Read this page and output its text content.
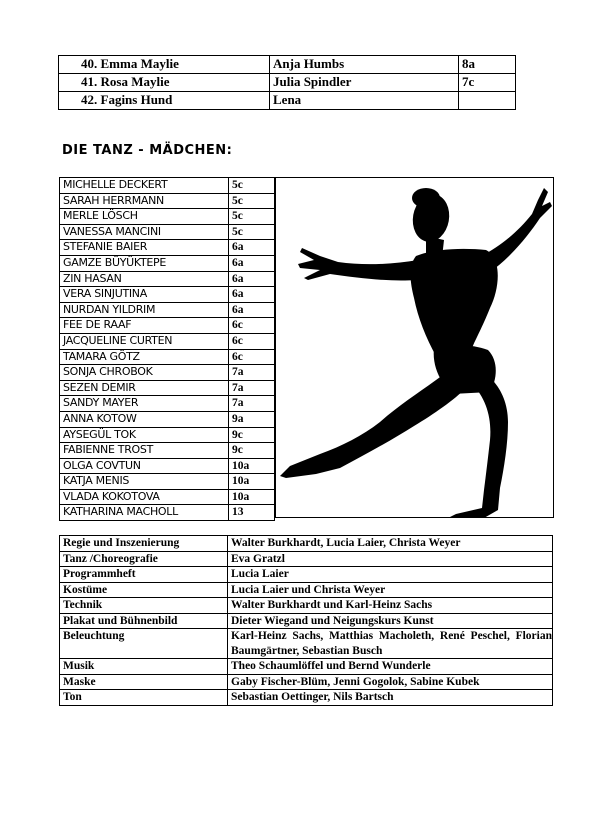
40. Emma Maylie	Anja Humbs	8a
41. Rosa Maylie	Julia Spindler	7c
42. Fagins Hund	Lena	
DIE TANZ - MÄDCHEN:
MICHELLE DECKERT	5c
SARAH HERRMANN	5c
MERLE LÖSCH	5c
VANESSA MANCINI	5c
STEFANIE BAIER	6a
GAMZE BÜYÜKTEPE	6a
ZIN HASAN	6a
VERA SINJUTINA	6a
NURDAN YILDRIM	6a
FEE DE RAAF	6c
JACQUELINE CURTEN	6c
TAMARA GÖTZ	6c
SONJA CHROBOK	7a
SEZEN DEMIR	7a
SANDY MAYER	7a
ANNA KOTOW	9a
AYSEGÜL TOK	9c
FABIENNE TROST	9c
OLGA COVTUN	10a
KATJA MENIS	10a
VLADA KOKOTOVA	10a
KATHARINA MACHOLL	13
Regie und Inszenierung	Walter Burkhardt, Lucia Laier, Christa Weyer
Tanz /Choreografie	Eva Gratzl
Programmheft	Lucia Laier
Kostüme	Lucia Laier und Christa Weyer
Technik	Walter Burkhardt und Karl-Heinz Sachs
Plakat und Bühnenbild	Dieter Wiegand und Neigungskurs Kunst
Beleuchtung	Karl-Heinz Sachs, Matthias Macholeth, René Peschel, Florian Baumgärtner, Sebastian Busch
Musik	Theo Schaumlöffel und Bernd Wunderle
Maske	Gaby Fischer-Blüm, Jenni Gogolok, Sabine Kubek
Ton	Sebastian Oettinger, Nils Bartsch
